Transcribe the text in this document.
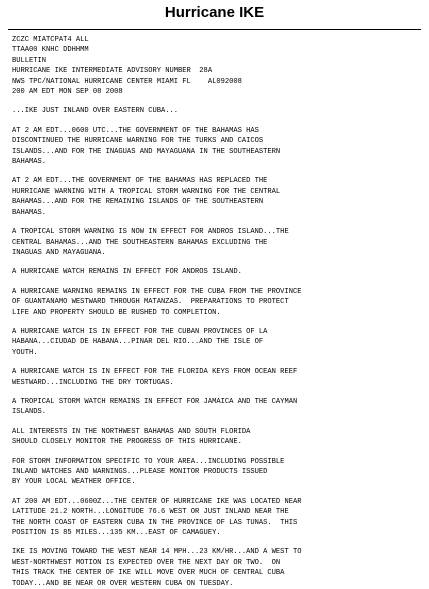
Hurricane IKE
ZCZC MIATCPAT4 ALL
TTAA00 KNHC DDHHMM
BULLETIN
HURRICANE IKE INTERMEDIATE ADVISORY NUMBER  28A
NWS TPC/NATIONAL HURRICANE CENTER MIAMI FL    AL092008
200 AM EDT MON SEP 08 2008
...IKE JUST INLAND OVER EASTERN CUBA...
AT 2 AM EDT...0600 UTC...THE GOVERNMENT OF THE BAHAMAS HAS
DISCONTINUED THE HURRICANE WARNING FOR THE TURKS AND CAICOS
ISLANDS...AND FOR THE INAGUAS AND MAYAGUANA IN THE SOUTHEASTERN
BAHAMAS.
AT 2 AM EDT...THE GOVERNMENT OF THE BAHAMAS HAS REPLACED THE
HURRICANE WARNING WITH A TROPICAL STORM WARNING FOR THE CENTRAL
BAHAMAS...AND FOR THE REMAINING ISLANDS OF THE SOUTHEASTERN
BAHAMAS.
A TROPICAL STORM WARNING IS NOW IN EFFECT FOR ANDROS ISLAND...THE
CENTRAL BAHAMAS...AND THE SOUTHEASTERN BAHAMAS EXCLUDING THE
INAGUAS AND MAYAGUANA.
A HURRICANE WATCH REMAINS IN EFFECT FOR ANDROS ISLAND.
A HURRICANE WARNING REMAINS IN EFFECT FOR THE CUBA FROM THE PROVINCE
OF GUANTANAMO WESTWARD THROUGH MATANZAS.  PREPARATIONS TO PROTECT
LIFE AND PROPERTY SHOULD BE RUSHED TO COMPLETION.
A HURRICANE WATCH IS IN EFFECT FOR THE CUBAN PROVINCES OF LA
HABANA...CIUDAD DE HABANA...PINAR DEL RIO...AND THE ISLE OF
YOUTH.
A HURRICANE WATCH IS IN EFFECT FOR THE FLORIDA KEYS FROM OCEAN REEF
WESTWARD...INCLUDING THE DRY TORTUGAS.
A TROPICAL STORM WATCH REMAINS IN EFFECT FOR JAMAICA AND THE CAYMAN
ISLANDS.
ALL INTERESTS IN THE NORTHWEST BAHAMAS AND SOUTH FLORIDA
SHOULD CLOSELY MONITOR THE PROGRESS OF THIS HURRICANE.
FOR STORM INFORMATION SPECIFIC TO YOUR AREA...INCLUDING POSSIBLE
INLAND WATCHES AND WARNINGS...PLEASE MONITOR PRODUCTS ISSUED
BY YOUR LOCAL WEATHER OFFICE.
AT 200 AM EDT...0600Z...THE CENTER OF HURRICANE IKE WAS LOCATED NEAR
LATITUDE 21.2 NORTH...LONGITUDE 76.6 WEST OR JUST INLAND NEAR THE
THE NORTH COAST OF EASTERN CUBA IN THE PROVINCE OF LAS TUNAS.  THIS
POSITION IS 85 MILES...135 KM...EAST OF CAMAGUEY.
IKE IS MOVING TOWARD THE WEST NEAR 14 MPH...23 KM/HR...AND A WEST TO
WEST-NORTHWEST MOTION IS EXPECTED OVER THE NEXT DAY OR TWO.  ON
THIS TRACK THE CENTER OF IKE WILL MOVE OVER MUCH OF CENTRAL CUBA
TODAY...AND BE NEAR OR OVER WESTERN CUBA ON TUESDAY.
